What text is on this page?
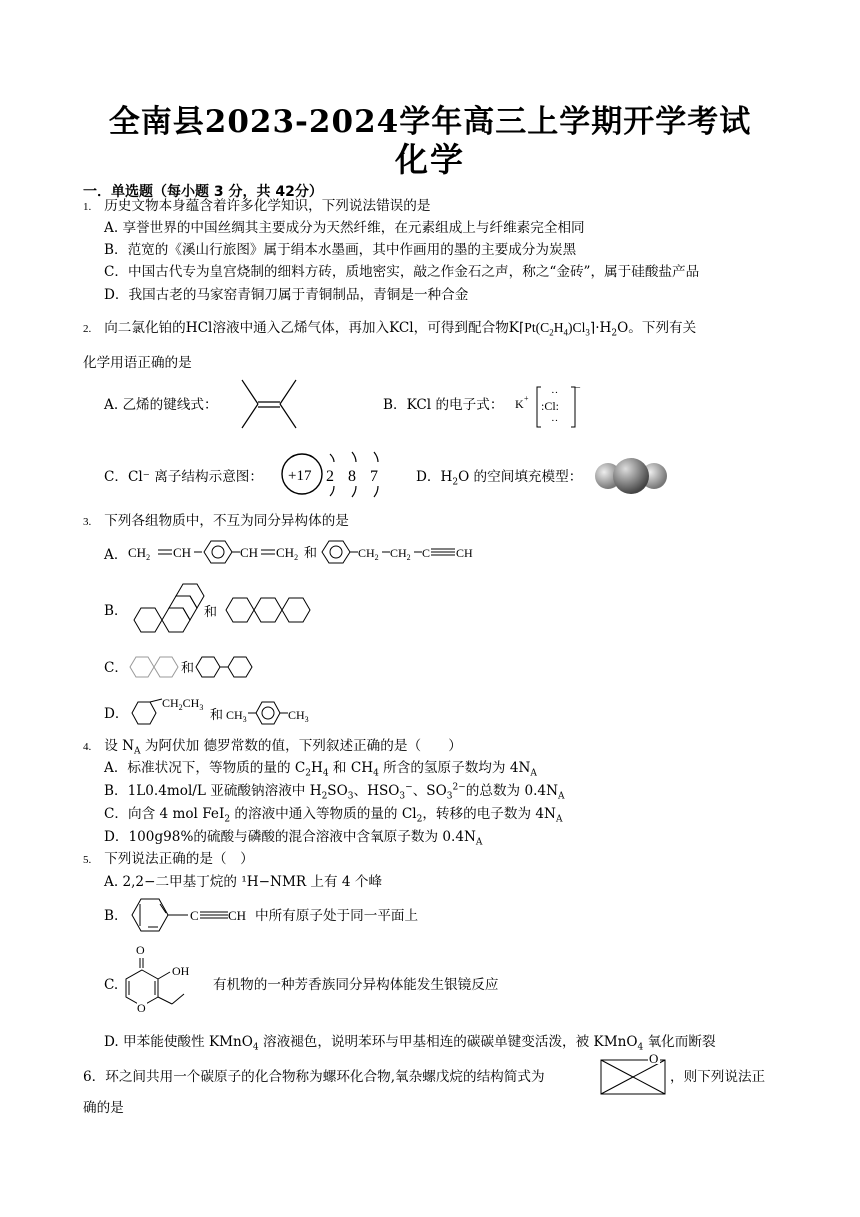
全南县2023-2024学年高三上学期开学考试
化学
一．单选题（每小题 3 分，共 42分）
1. 历史文物本身蕴含着许多化学知识，下列说法错误的是
A. 享誉世界的中国丝绸其主要成分为天然纤维，在元素组成上与纤维素完全相同
B．范宽的《溪山行旅图》属于绢本水墨画，其中作画用的墨的主要成分为炭黑
C．中国古代专为皇宫烧制的细料方砖，质地密实，敲之作金石之声，称之“金砖”，属于硅酸盐产品
D．我国古老的马家窑青铜刀属于青铜制品，青铜是一种合金
2. 向二氯化铂的HCl溶液中通入乙烯气体，再加入KCl，可得到配合物$K⌈Pt(C_2H_4)Cl_3⌉\cdot H_2O$。下列有关
化学用语正确的是
A. 乙烯的键线式：	B．KCl 的电子式： K + ··
:Cl:
··
−
C．Cl⁻ 离子结构示意图： +17 2 8 7	D．$H_2O$ 的空间填充模型：
3. 下列各组物质中，不互为同分异构体的是
A． $CH_2$ CH	CH $CH_2$ 和	$CH_2$ $CH_2$ C CH
B．	和
C．	和
D．
$CH_2CH_3$ 和 $CH_3$	$CH_3$
4. 设 $N_A$ 为阿伏加 德罗常数的值，下列叙述正确的是（　　）
A．标准状况下，等物质的量的 $C_2H_4$ 和 $CH_4$ 所含的氢原子数均为 $4N_A$
B．1L0.4mol/L 亚硫酸钠溶液中 $H_2SO_3$、$HSO_3^-$、$SO_3^{2-}$的总数为 $0.4N_A$
C．向含 4 mol FeI$_2$ 的溶液中通入等物质的量的 $Cl_2$，转移的电子数为 $4N_A$
D．100g98%的硫酸与磷酸的混合溶液中含氧原子数为 $0.4N_A$
5. 下列说法正确的是（　）
A. 2,2−二甲基丁烷的 ¹H−NMR 上有 4 个峰
B.	C CH 中所有原子处于同一平面上
C.
O
O
OH
有机物的一种芳香族同分异构体能发生银镜反应
D. 甲苯能使酸性 KMnO$_4$ 溶液褪色，说明苯环与甲基相连的碳碳单键变活泼，被 KMnO$_4$ 氧化而断裂
6．环之间共用一个碳原子的化合物称为螺环化合物,氧杂螺戊烷的结构简式为
O
，则下列说法正
确的是
